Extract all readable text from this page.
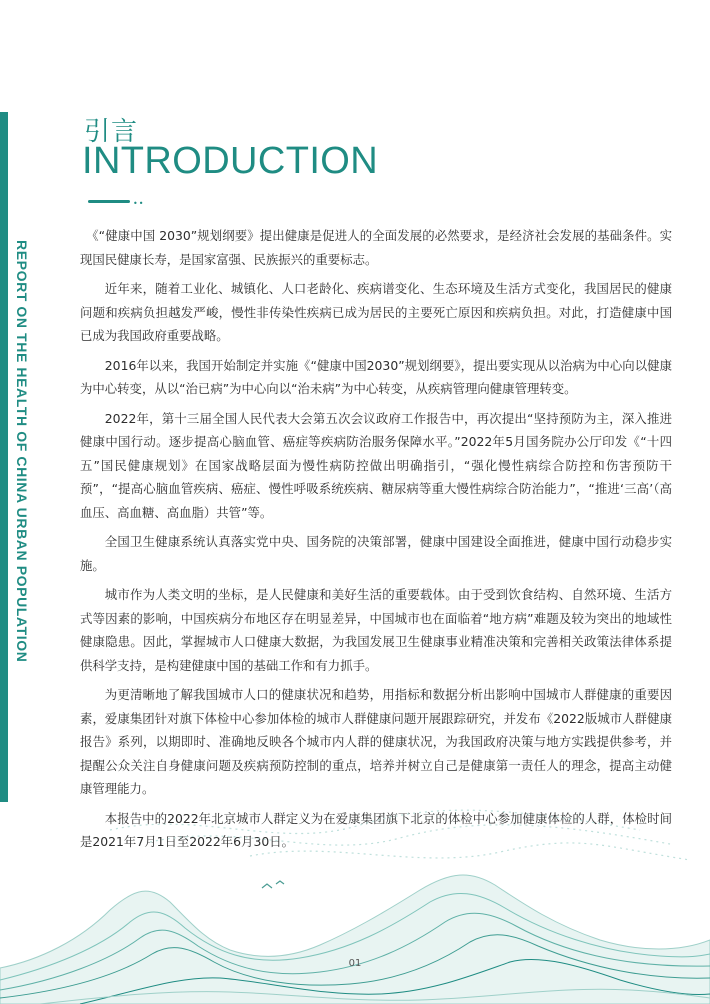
REPORT ON THE HEALTH OF CHINA URBAN POPULATION
引言
INTRODUCTION
••

《“健康中国 2030”规划纲要》提出健康是促进人的全面发展的必然要求，是经济社会发展的基础条件。实现国民健康长寿，是国家富强、民族振兴的重要标志。

近年来，随着工业化、城镇化、人口老龄化、疾病谱变化、生态环境及生活方式变化，我国居民的健康问题和疾病负担越发严峻，慢性非传染性疾病已成为居民的主要死亡原因和疾病负担。对此，打造健康中国已成为我国政府重要战略。

2016年以来，我国开始制定并实施《“健康中国2030”规划纲要》，提出要实现从以治病为中心向以健康为中心转变，从以“治已病”为中心向以“治未病”为中心转变，从疾病管理向健康管理转变。

2022年，第十三届全国人民代表大会第五次会议政府工作报告中，再次提出“坚持预防为主，深入推进健康中国行动。逐步提高心脑血管、癌症等疾病防治服务保障水平。”2022年5月国务院办公厅印发《“十四五”国民健康规划》在国家战略层面为慢性病防控做出明确指引，“强化慢性病综合防控和伤害预防干预”，“提高心脑血管疾病、癌症、慢性呼吸系统疾病、糖尿病等重大慢性病综合防治能力”，“推进‘三高’（高血压、高血糖、高血脂）共管”等。

全国卫生健康系统认真落实党中央、国务院的决策部署，健康中国建设全面推进，健康中国行动稳步实施。

城市作为人类文明的坐标，是人民健康和美好生活的重要载体。由于受到饮食结构、自然环境、生活方式等因素的影响，中国疾病分布地区存在明显差异，中国城市也在面临着“地方病”难题及较为突出的地域性健康隐患。因此，掌握城市人口健康大数据，为我国发展卫生健康事业精准决策和完善相关政策法律体系提供科学支持，是构建健康中国的基础工作和有力抓手。

为更清晰地了解我国城市人口的健康状况和趋势，用指标和数据分析出影响中国城市人群健康的重要因素，爱康集团针对旗下体检中心参加体检的城市人群健康问题开展跟踪研究，并发布《2022版城市人群健康报告》系列，以期即时、准确地反映各个城市内人群的健康状况，为我国政府决策与地方实践提供参考，并提醒公众关注自身健康问题及疾病预防控制的重点，培养并树立自己是健康第一责任人的理念，提高主动健康管理能力。

本报告中的2022年北京城市人群定义为在爱康集团旗下北京的体检中心参加健康体检的人群，体检时间是2021年7月1日至2022年6月30日。

01
